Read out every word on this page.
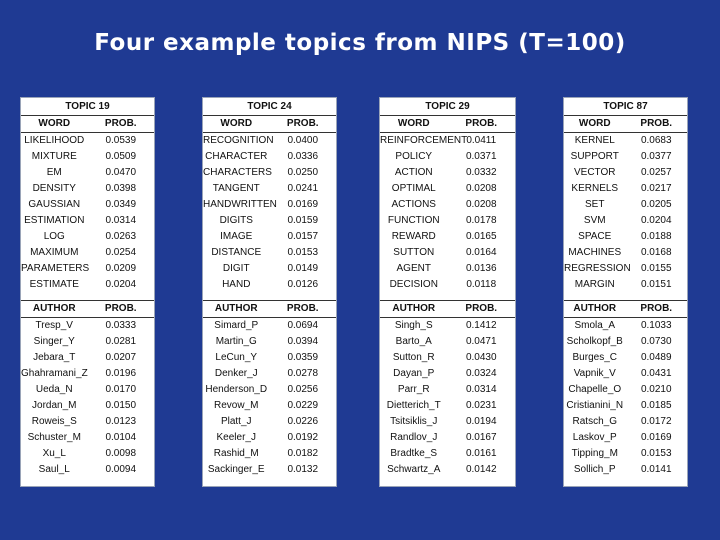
Four example topics from NIPS (T=100)
TOPIC 19	
WORD	PROB.
LIKELIHOOD	0.0539
MIXTURE	0.0509
EM	0.0470
DENSITY	0.0398
GAUSSIAN	0.0349
ESTIMATION	0.0314
LOG	0.0263
MAXIMUM	0.0254
PARAMETERS	0.0209
ESTIMATE	0.0204

AUTHOR	PROB.
Tresp_V	0.0333
Singer_Y	0.0281
Jebara_T	0.0207
Ghahramani_Z	0.0196
Ueda_N	0.0170
Jordan_M	0.0150
Roweis_S	0.0123
Schuster_M	0.0104
Xu_L	0.0098
Saul_L	0.0094
TOPIC 24	
WORD	PROB.
RECOGNITION	0.0400
CHARACTER	0.0336
CHARACTERS	0.0250
TANGENT	0.0241
HANDWRITTEN	0.0169
DIGITS	0.0159
IMAGE	0.0157
DISTANCE	0.0153
DIGIT	0.0149
HAND	0.0126

AUTHOR	PROB.
Simard_P	0.0694
Martin_G	0.0394
LeCun_Y	0.0359
Denker_J	0.0278
Henderson_D	0.0256
Revow_M	0.0229
Platt_J	0.0226
Keeler_J	0.0192
Rashid_M	0.0182
Sackinger_E	0.0132
TOPIC 29	
WORD	PROB.
REINFORCEMENT	0.0411
POLICY	0.0371
ACTION	0.0332
OPTIMAL	0.0208
ACTIONS	0.0208
FUNCTION	0.0178
REWARD	0.0165
SUTTON	0.0164
AGENT	0.0136
DECISION	0.0118

AUTHOR	PROB.
Singh_S	0.1412
Barto_A	0.0471
Sutton_R	0.0430
Dayan_P	0.0324
Parr_R	0.0314
Dietterich_T	0.0231
Tsitsiklis_J	0.0194
Randlov_J	0.0167
Bradtke_S	0.0161
Schwartz_A	0.0142
TOPIC 87	
WORD	PROB.
KERNEL	0.0683
SUPPORT	0.0377
VECTOR	0.0257
KERNELS	0.0217
SET	0.0205
SVM	0.0204
SPACE	0.0188
MACHINES	0.0168
REGRESSION	0.0155
MARGIN	0.0151

AUTHOR	PROB.
Smola_A	0.1033
Scholkopf_B	0.0730
Burges_C	0.0489
Vapnik_V	0.0431
Chapelle_O	0.0210
Cristianini_N	0.0185
Ratsch_G	0.0172
Laskov_P	0.0169
Tipping_M	0.0153
Sollich_P	0.0141
